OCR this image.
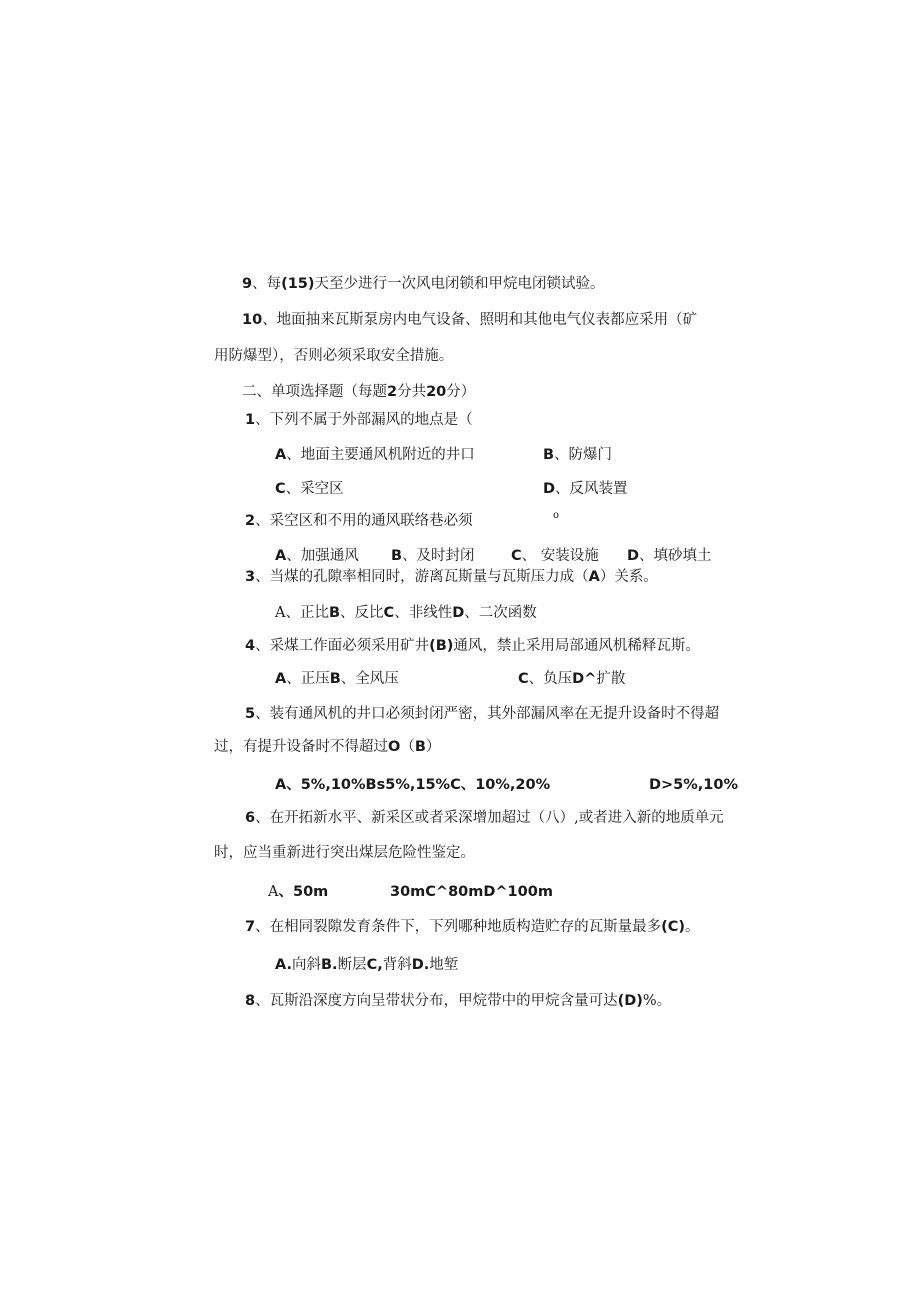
9、每(15)天至少进行一次风电闭锁和甲烷电闭锁试验。
10、地面抽来瓦斯泵房内电气设备、照明和其他电气仪表都应采用（矿
用防爆型），否则必须采取安全措施。
二、单项选择题（每题2分共20分）
1、下列不属于外部漏风的地点是（
A、地面主要通风机附近的井口	B、防爆门
C、采空区	D、反风装置
2、采空区和不用的通风联络巷必须	o
A、加强通风 B、及时封闭	C、 安装设施 D、填砂填土
3、当煤的孔隙率相同时，游离瓦斯量与瓦斯压力成（A）关系。
A、正比B、反比C、非线性D、二次函数
4、采煤工作面必须采用矿井(B)通风，禁止采用局部通风机稀释瓦斯。
A、正压B、全风压	C、负压D^扩散
5、装有通风机的井口必须封闭严密，其外部漏风率在无提升设备时不得超
过，有提升设备时不得超过O（B）
A、5%,10%Bs5%,15%C、10%,20%	D>5%,10%
6、在开拓新水平、新采区或者采深增加超过（八）,或者进入新的地质单元
时，应当重新进行突出煤层危险性鉴定。
A、50m	30mC^80mD^100m
7、在相同裂隙发育条件下，下列哪种地质构造贮存的瓦斯量最多(C)。
A.向斜B.断层C,背斜D.地堑
8、瓦斯沿深度方向呈带状分布，甲烷带中的甲烷含量可达(D)%。
